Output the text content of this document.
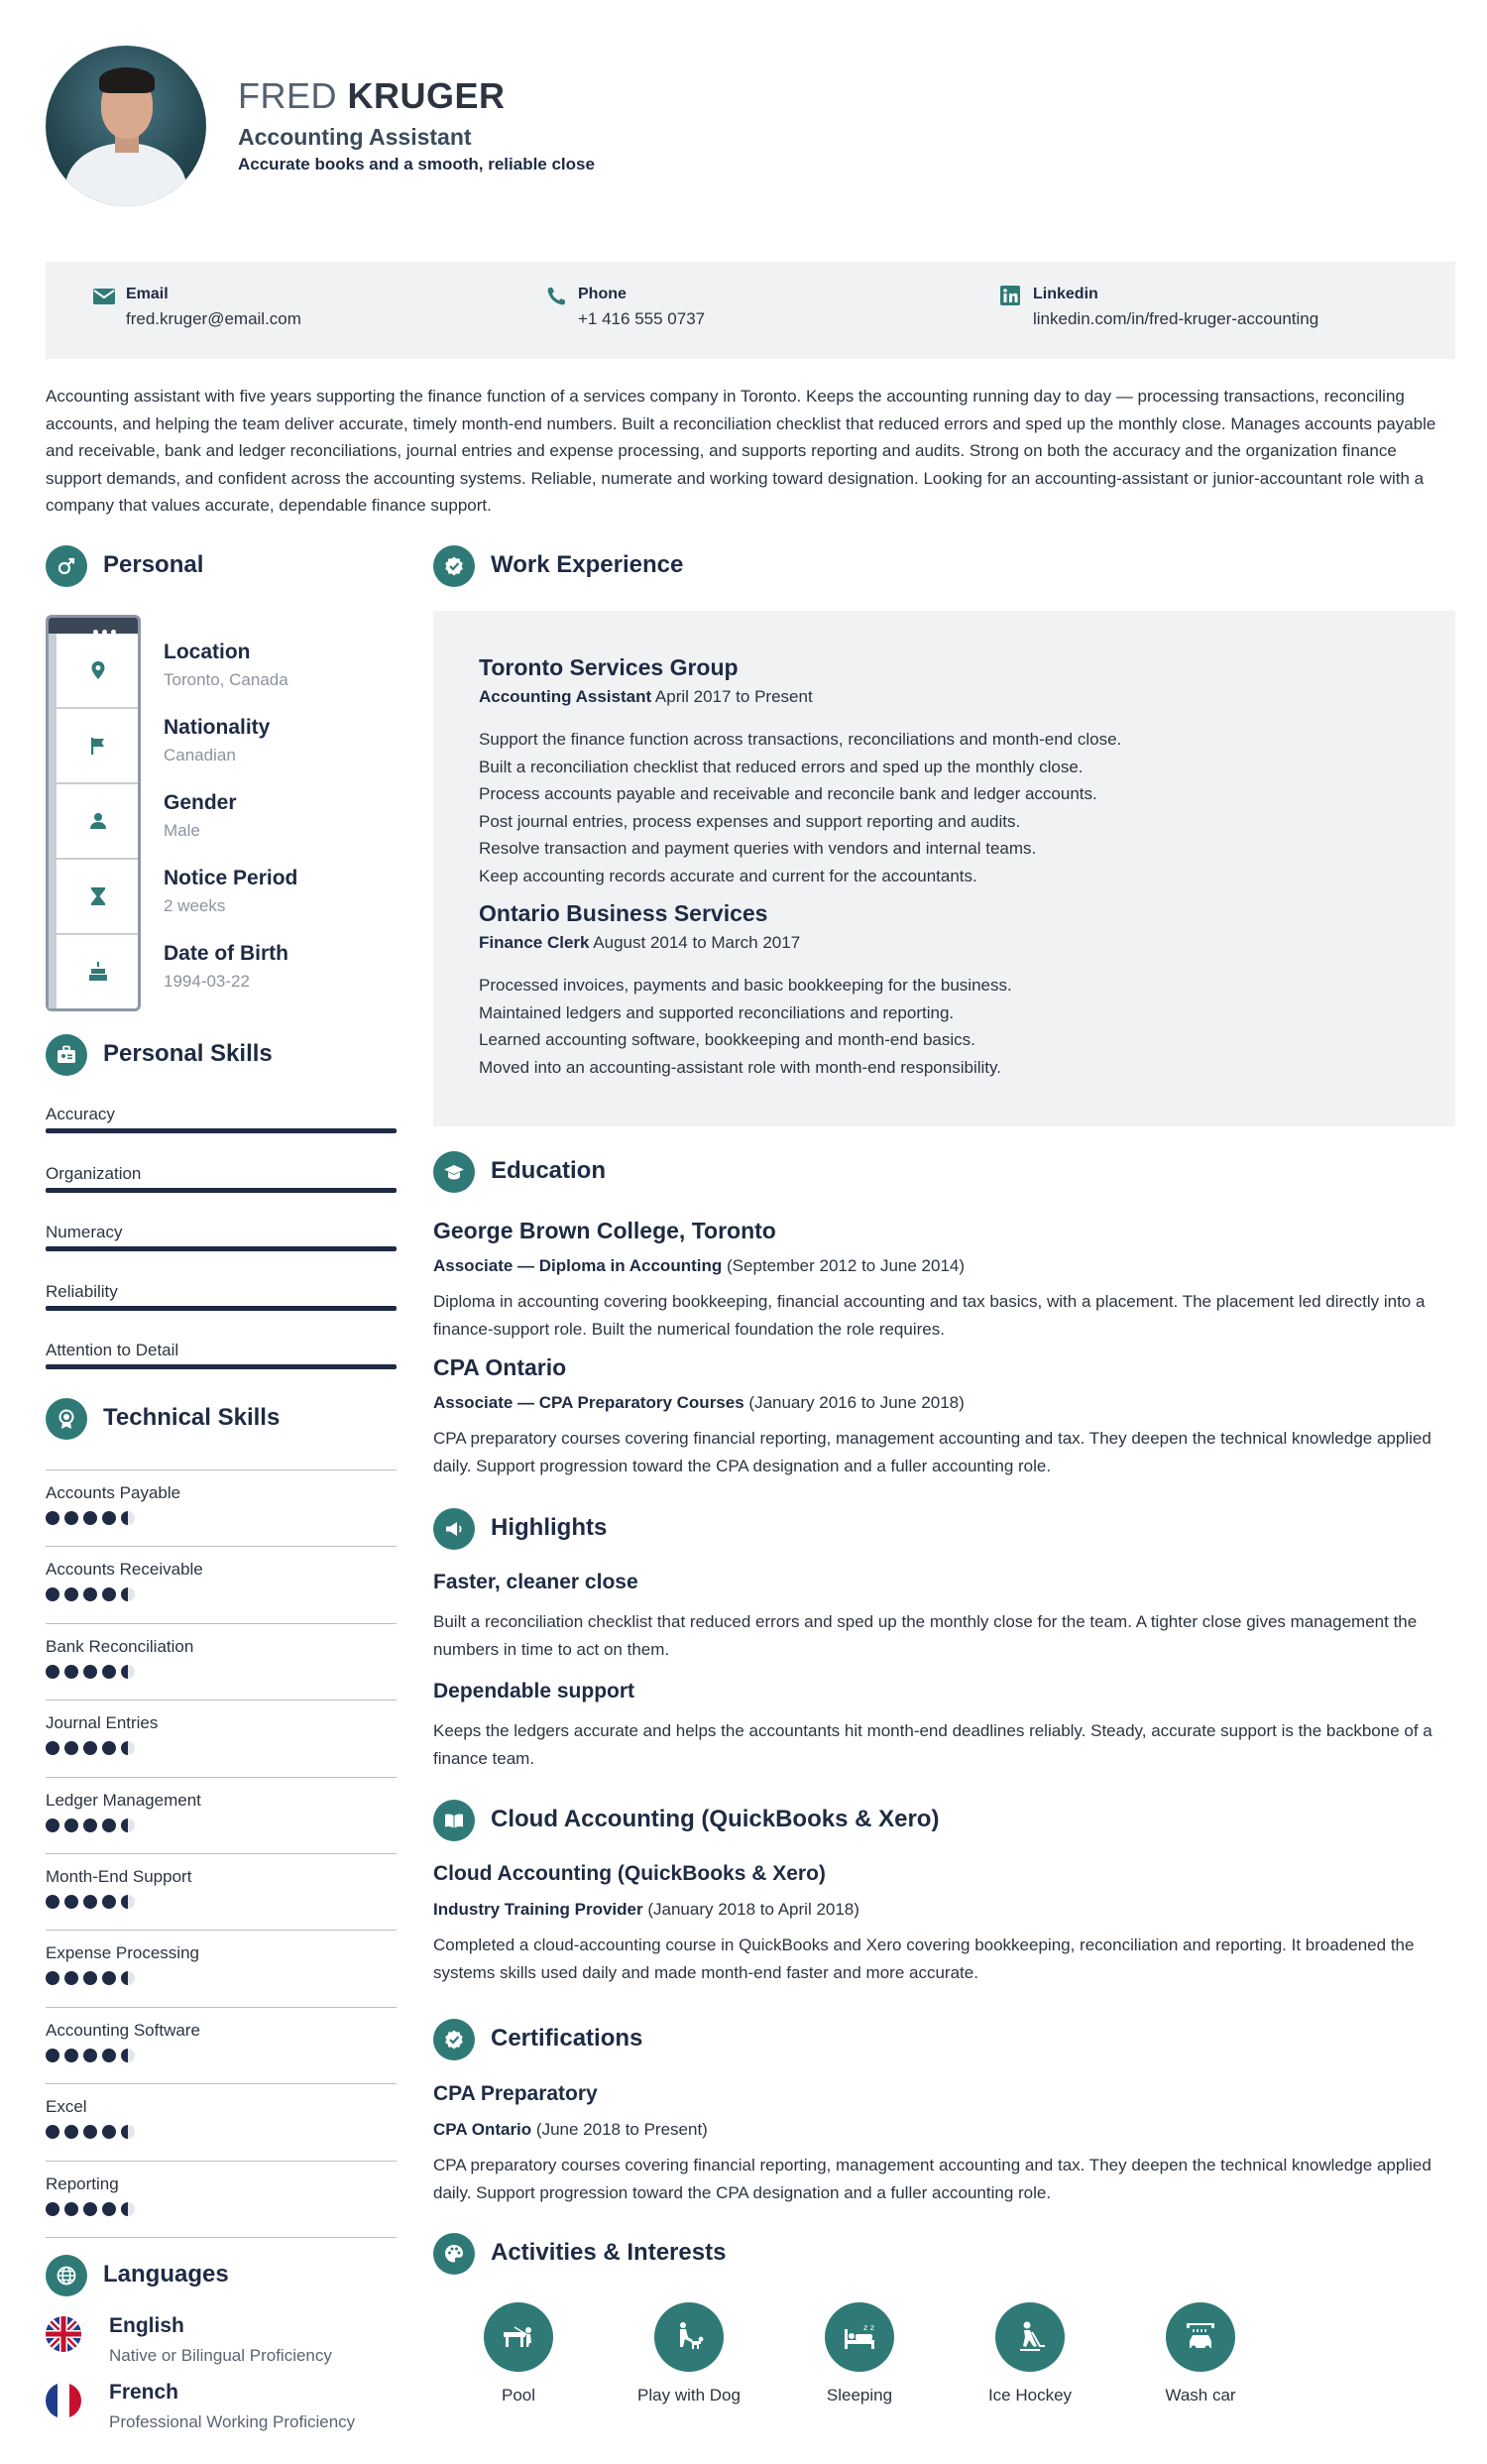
FRED KRUGER
Accounting Assistant
Accurate books and a smooth, reliable close
Email
fred.kruger@email.com
Phone
+1 416 555 0737
Linkedin
linkedin.com/in/fred-kruger-accounting
Accounting assistant with five years supporting the finance function of a services company in Toronto. Keeps the accounting running day to day — processing transactions, reconciling accounts, and helping the team deliver accurate, timely month-end numbers. Built a reconciliation checklist that reduced errors and sped up the monthly close. Manages accounts payable and receivable, bank and ledger reconciliations, journal entries and expense processing, and supports reporting and audits. Strong on both the accuracy and the organization finance support demands, and confident across the accounting systems. Reliable, numerate and working toward designation. Looking for an accounting-assistant or junior-accountant role with a company that values accurate, dependable finance support.
Personal
Location
Toronto, Canada
Nationality
Canadian
Gender
Male
Notice Period
2 weeks
Date of Birth
1994-03-22
Personal Skills
Accuracy
Organization
Numeracy
Reliability
Attention to Detail
Technical Skills
Accounts Payable
Accounts Receivable
Bank Reconciliation
Journal Entries
Ledger Management
Month-End Support
Expense Processing
Accounting Software
Excel
Reporting
Languages
English
Native or Bilingual Proficiency
French
Professional Working Proficiency
Work Experience
Toronto Services Group
Accounting Assistant April 2017 to Present
Support the finance function across transactions, reconciliations and month-end close.
Built a reconciliation checklist that reduced errors and sped up the monthly close.
Process accounts payable and receivable and reconcile bank and ledger accounts.
Post journal entries, process expenses and support reporting and audits.
Resolve transaction and payment queries with vendors and internal teams.
Keep accounting records accurate and current for the accountants.
Ontario Business Services
Finance Clerk August 2014 to March 2017
Processed invoices, payments and basic bookkeeping for the business.
Maintained ledgers and supported reconciliations and reporting.
Learned accounting software, bookkeeping and month-end basics.
Moved into an accounting-assistant role with month-end responsibility.
Education
George Brown College, Toronto
Associate — Diploma in Accounting (September 2012 to June 2014)
Diploma in accounting covering bookkeeping, financial accounting and tax basics, with a placement. The placement led directly into a finance-support role. Built the numerical foundation the role requires.
CPA Ontario
Associate — CPA Preparatory Courses (January 2016 to June 2018)
CPA preparatory courses covering financial reporting, management accounting and tax. They deepen the technical knowledge applied daily. Support progression toward the CPA designation and a fuller accounting role.
Highlights
Faster, cleaner close
Built a reconciliation checklist that reduced errors and sped up the monthly close for the team. A tighter close gives management the numbers in time to act on them.
Dependable support
Keeps the ledgers accurate and helps the accountants hit month-end deadlines reliably. Steady, accurate support is the backbone of a finance team.
Cloud Accounting (QuickBooks & Xero)
Cloud Accounting (QuickBooks & Xero)
Industry Training Provider (January 2018 to April 2018)
Completed a cloud-accounting course in QuickBooks and Xero covering bookkeeping, reconciliation and reporting. It broadened the systems skills used daily and made month-end faster and more accurate.
Certifications
CPA Preparatory
CPA Ontario (June 2018 to Present)
CPA preparatory courses covering financial reporting, management accounting and tax. They deepen the technical knowledge applied daily. Support progression toward the CPA designation and a fuller accounting role.
Activities & Interests
Pool	Play with Dog
z z
Sleeping	Ice Hockey	Wash car
